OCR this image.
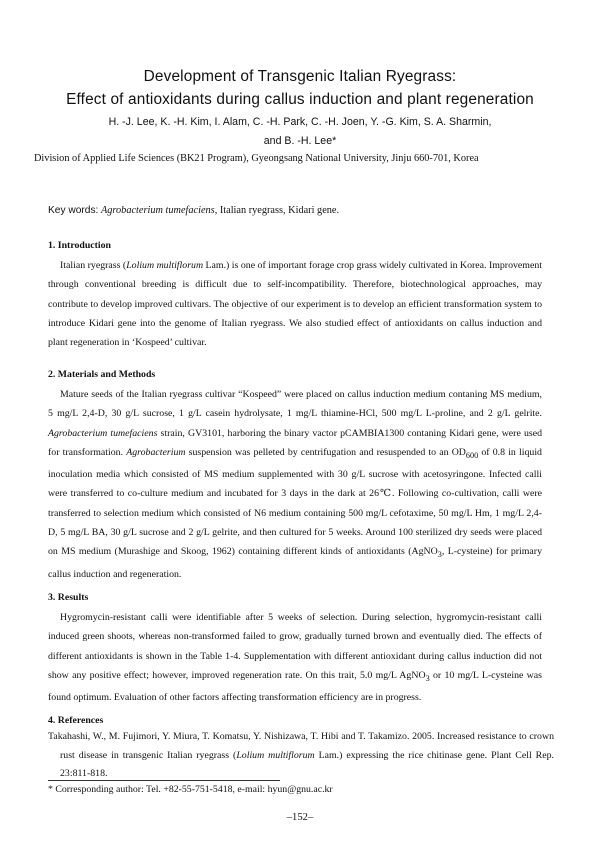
Development of Transgenic Italian Ryegrass:
Effect of antioxidants during callus induction and plant regeneration
H. -J. Lee, K. -H. Kim, I. Alam, C. -H. Park, C. -H. Joen, Y. -G. Kim, S. A. Sharmin,
and B. -H. Lee*
Division of Applied Life Sciences (BK21 Program), Gyeongsang National University, Jinju 660-701, Korea
Key words: Agrobacterium tumefaciens, Italian ryegrass, Kidari gene.
1. Introduction
Italian ryegrass (Lolium multiflorum Lam.) is one of important forage crop grass widely cultivated in Korea. Improvement through conventional breeding is difficult due to self-incompatibility. Therefore, biotechnological approaches, may contribute to develop improved cultivars. The objective of our experiment is to develop an efficient transformation system to introduce Kidari gene into the genome of Italian ryegrass. We also studied effect of antioxidants on callus induction and plant regeneration in ‘Kospeed’ cultivar.
2. Materials and Methods
Mature seeds of the Italian ryegrass cultivar “Kospeed” were placed on callus induction medium contaning MS medium, 5 mg/L 2,4-D, 30 g/L sucrose, 1 g/L casein hydrolysate, 1 mg/L thiamine-HCl, 500 mg/L L-proline, and 2 g/L gelrite. Agrobacterium tumefaciens strain, GV3101, harboring the binary vactor pCAMBIA1300 contaning Kidari gene, were used for transformation. Agrobacterium suspension was pelleted by centrifugation and resuspended to an $OD_{600}$ of 0.8 in liquid inoculation media which consisted of MS medium supplemented with 30 g/L sucrose with acetosyringone. Infected calli were transferred to co-culture medium and incubated for 3 days in the dark at 26℃. Following co-cultivation, calli were transferred to selection medium which consisted of N6 medium containing 500 mg/L cefotaxime, 50 mg/L Hm, 1 mg/L 2,4-D, 5 mg/L BA, 30 g/L sucrose and 2 g/L gelrite, and then cultured for 5 weeks. Around 100 sterilized dry seeds were placed on MS medium (Murashige and Skoog, 1962) containing different kinds of antioxidants (AgNO$_3$, L-cysteine) for primary callus induction and regeneration.
3. Results
Hygromycin-resistant calli were identifiable after 5 weeks of selection. During selection, hygromycin-resistant calli induced green shoots, whereas non-transformed failed to grow, gradually turned brown and eventually died. The effects of different antioxidants is shown in the Table 1-4. Supplementation with different antioxidant during callus induction did not show any positive effect; however, improved regeneration rate. On this trait, 5.0 mg/L AgNO$_3$ or 10 mg/L L-cysteine was found optimum. Evaluation of other factors affecting transformation efficiency are in progress.
4. References
Takahashi, W., M. Fujimori, Y. Miura, T. Komatsu, Y. Nishizawa, T. Hibi and T. Takamizo. 2005. Increased resistance to crown rust disease in transgenic Italian ryegrass (Lolium multiflorum Lam.) expressing the rice chitinase gene. Plant Cell Rep. 23:811-818.
* Corresponding author: Tel. +82-55-751-5418, e-mail: hyun@gnu.ac.kr
–152–
